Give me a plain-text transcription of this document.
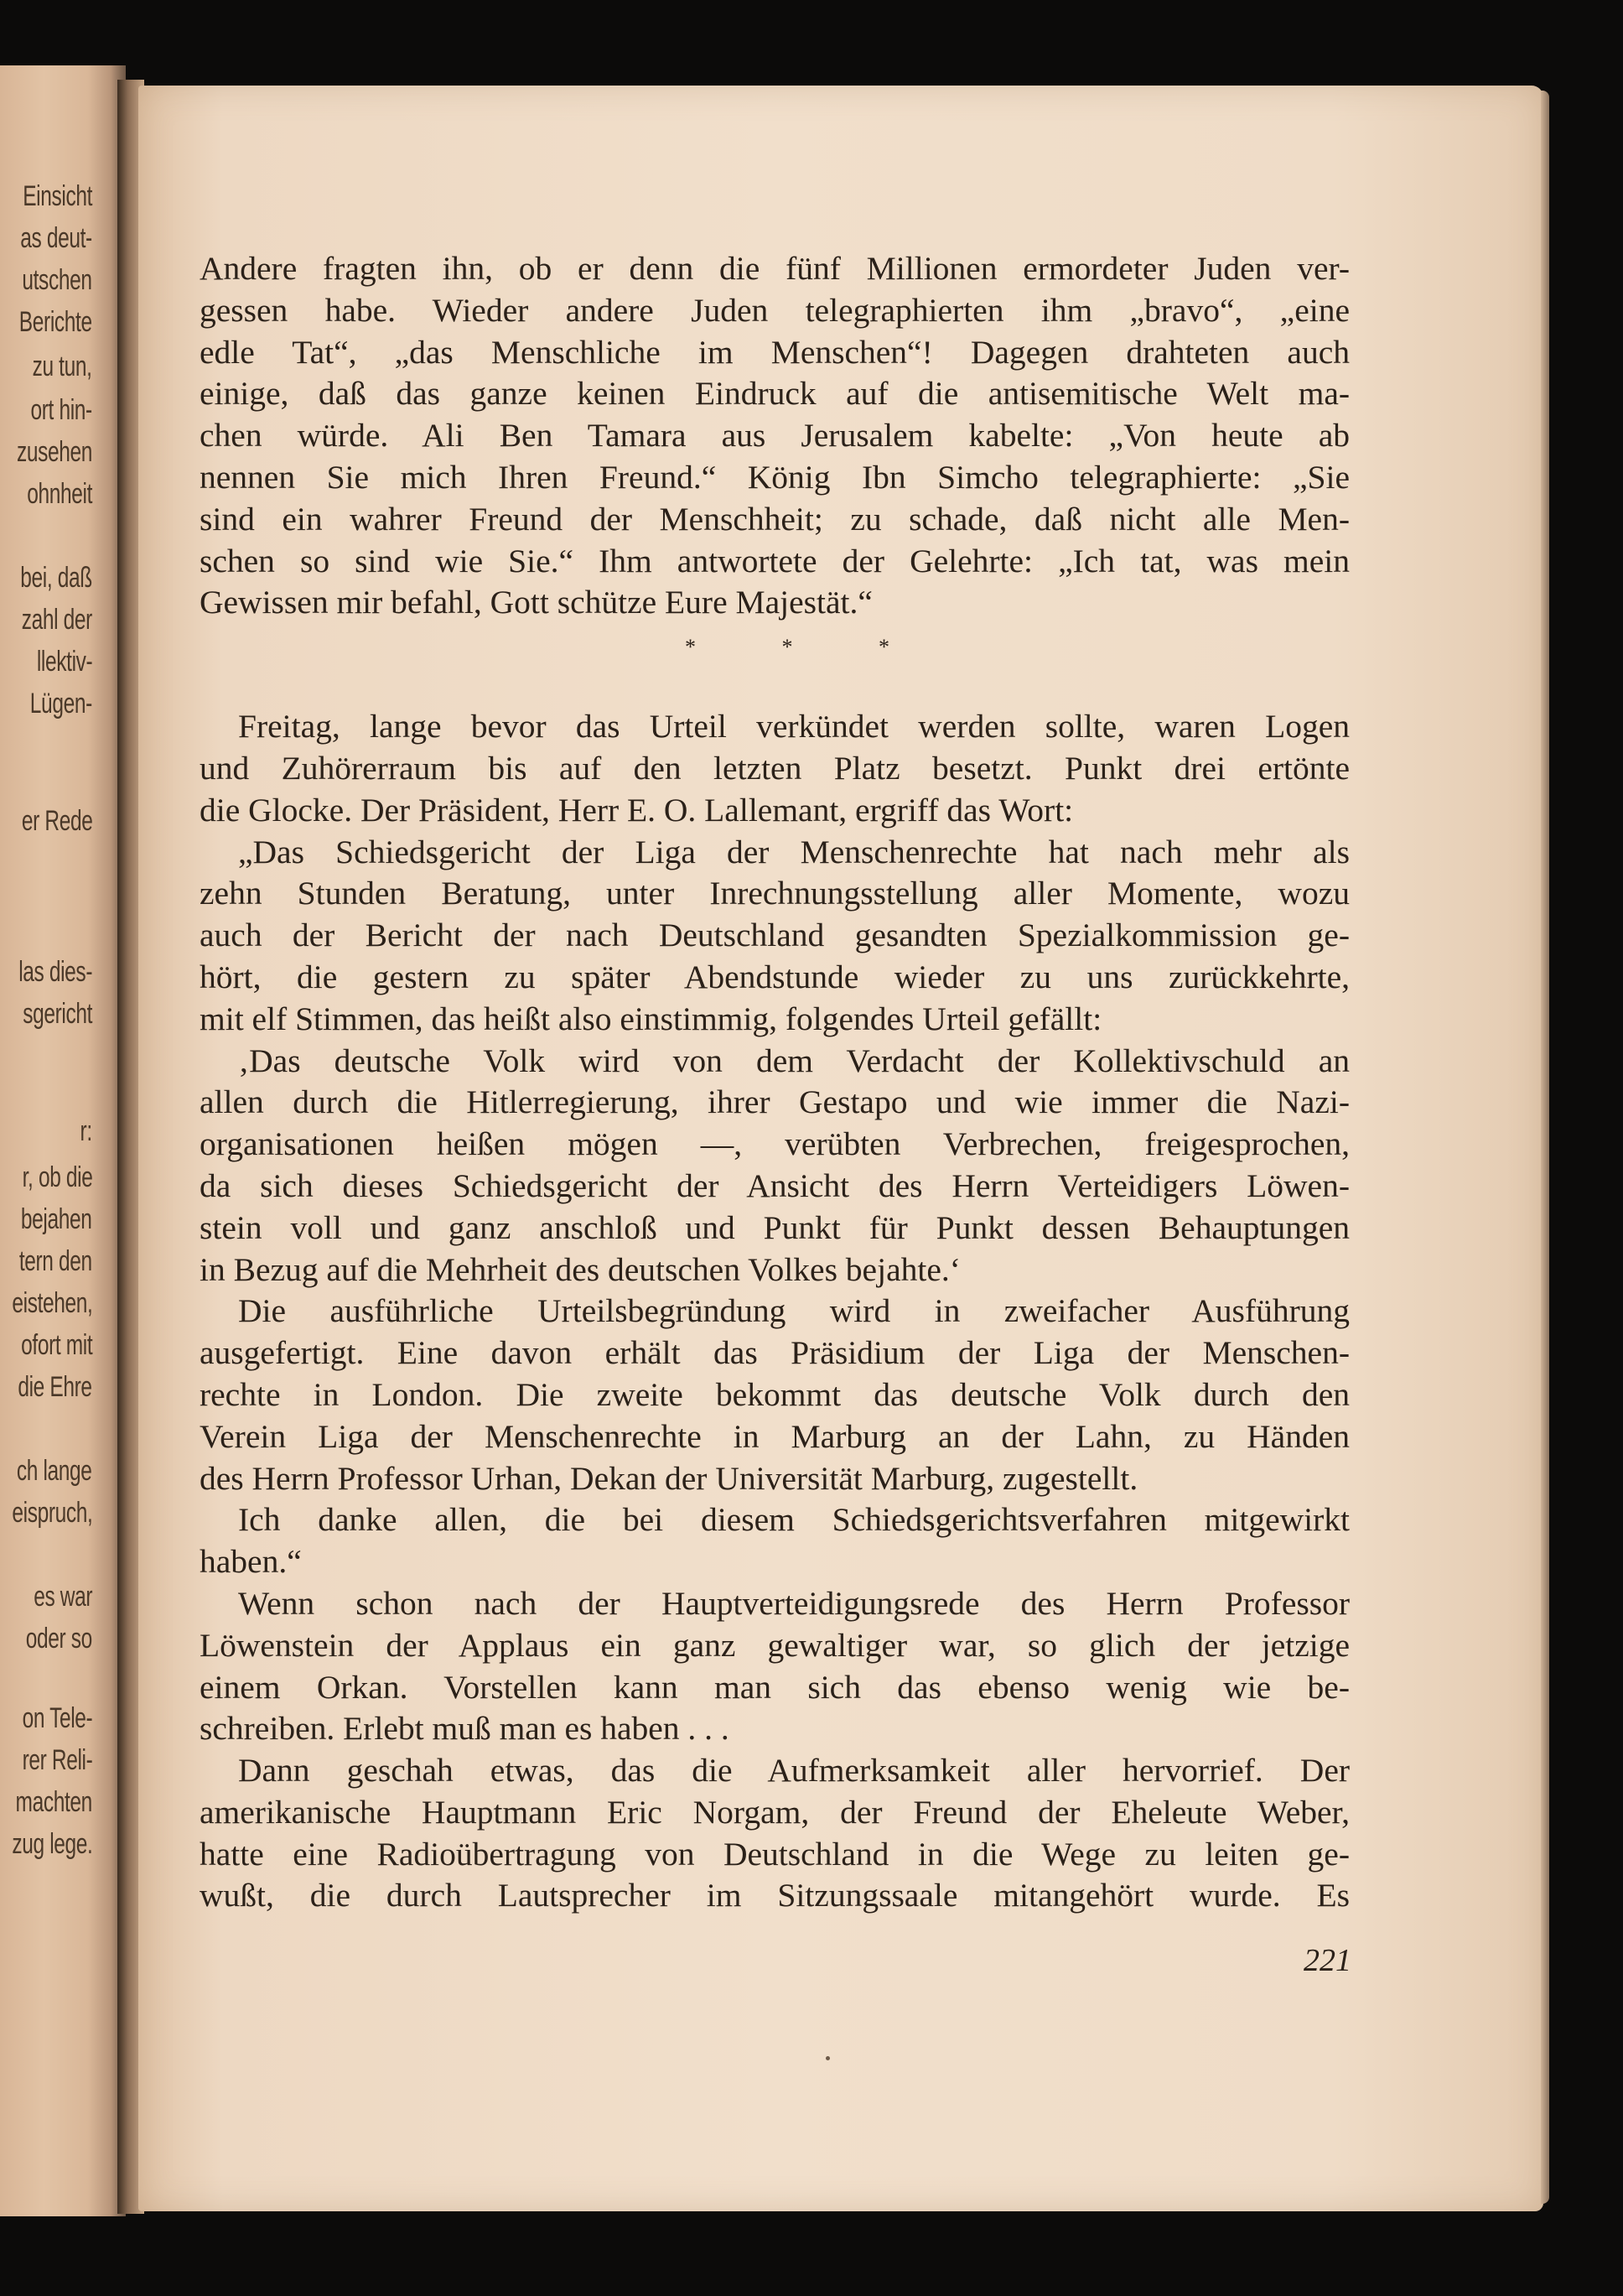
Einsicht
as deut-
utschen
Berichte
zu tun,
ort hin-
zusehen
ohnheit
bei, daß
zahl der
llektiv-
Lügen-
er Rede
las dies-
sgericht
r:
r, ob die
bejahen
tern den
eistehen,
ofort mit
die Ehre
ch lange
eispruch,
es war
oder so
on Tele-
rer Reli-
machten
zug lege.
Andere fragten ihn, ob er denn die fünf Millionen ermordeter Juden ver-
gessen habe. Wieder andere Juden telegraphierten ihm „bravo“, „eine
edle Tat“, „das Menschliche im Menschen“! Dagegen drahteten auch
einige, daß das ganze keinen Eindruck auf die antisemitische Welt ma-
chen würde. Ali Ben Tamara aus Jerusalem kabelte: „Von heute ab
nennen Sie mich Ihren Freund.“ König Ibn Simcho telegraphierte: „Sie
sind ein wahrer Freund der Menschheit; zu schade, daß nicht alle Men-
schen so sind wie Sie.“ Ihm antwortete der Gelehrte: „Ich tat, was mein
Gewissen mir befahl, Gott schütze Eure Majestät.“
*	*	*
Freitag, lange bevor das Urteil verkündet werden sollte, waren Logen
und Zuhörerraum bis auf den letzten Platz besetzt. Punkt drei ertönte
die Glocke. Der Präsident, Herr E. O. Lallemant, ergriff das Wort:
„Das Schiedsgericht der Liga der Menschenrechte hat nach mehr als
zehn Stunden Beratung, unter Inrechnungsstellung aller Momente, wozu
auch der Bericht der nach Deutschland gesandten Spezialkommission ge-
hört, die gestern zu später Abendstunde wieder zu uns zurückkehrte,
mit elf Stimmen, das heißt also einstimmig, folgendes Urteil gefällt:
‚Das deutsche Volk wird von dem Verdacht der Kollektivschuld an
allen durch die Hitlerregierung, ihrer Gestapo und wie immer die Nazi-
organisationen heißen mögen —, verübten Verbrechen, freigesprochen,
da sich dieses Schiedsgericht der Ansicht des Herrn Verteidigers Löwen-
stein voll und ganz anschloß und Punkt für Punkt dessen Behauptungen
in Bezug auf die Mehrheit des deutschen Volkes bejahte.‘
Die ausführliche Urteilsbegründung wird in zweifacher Ausführung
ausgefertigt. Eine davon erhält das Präsidium der Liga der Menschen-
rechte in London. Die zweite bekommt das deutsche Volk durch den
Verein Liga der Menschenrechte in Marburg an der Lahn, zu Händen
des Herrn Professor Urhan, Dekan der Universität Marburg, zugestellt.
Ich danke allen, die bei diesem Schiedsgerichtsverfahren mitgewirkt
haben.“
Wenn schon nach der Hauptverteidigungsrede des Herrn Professor
Löwenstein der Applaus ein ganz gewaltiger war, so glich der jetzige
einem Orkan. Vorstellen kann man sich das ebenso wenig wie be-
schreiben. Erlebt muß man es haben . . .
Dann geschah etwas, das die Aufmerksamkeit aller hervorrief. Der
amerikanische Hauptmann Eric Norgam, der Freund der Eheleute Weber,
hatte eine Radioübertragung von Deutschland in die Wege zu leiten ge-
wußt, die durch Lautsprecher im Sitzungssaale mitangehört wurde. Es
221
